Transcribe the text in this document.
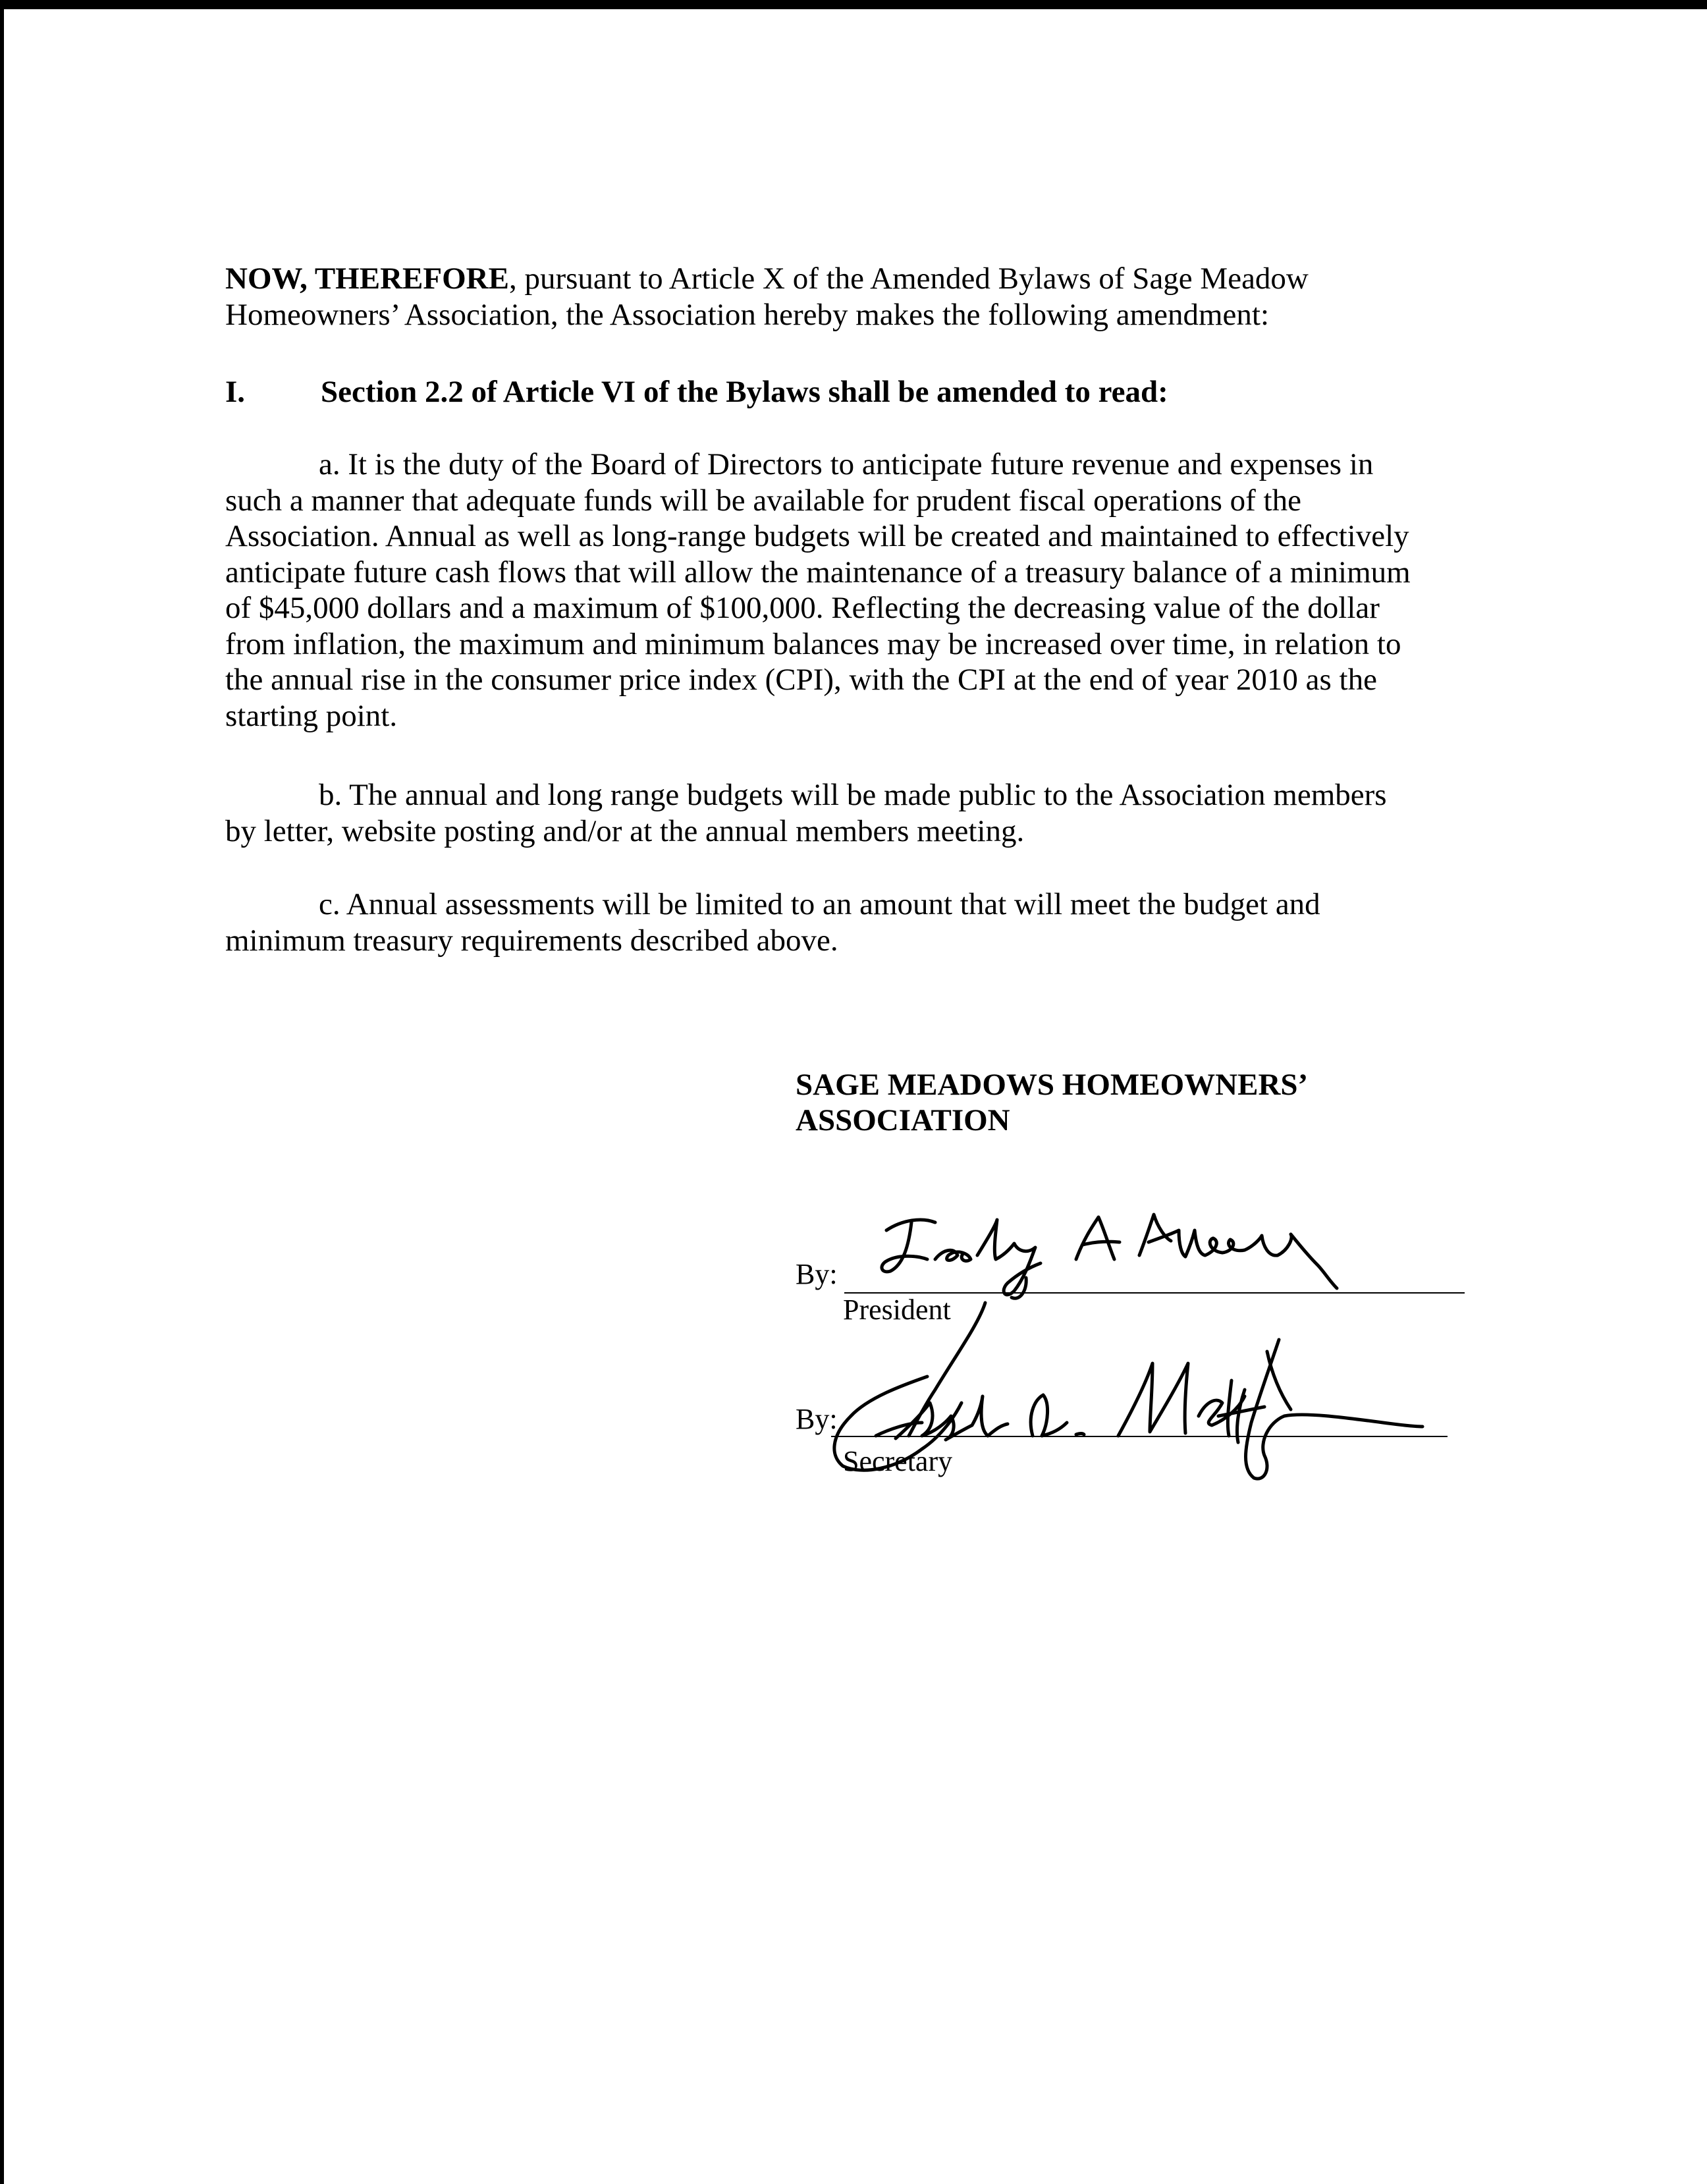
NOW, THEREFORE, pursuant to Article X of the Amended Bylaws of Sage Meadow
Homeowners’ Association, the Association hereby makes the following amendment:
I. Section 2.2 of Article VI of the Bylaws shall be amended to read:
a. It is the duty of the Board of Directors to anticipate future revenue and expenses in
such a manner that adequate funds will be available for prudent fiscal operations of the
Association. Annual as well as long-range budgets will be created and maintained to effectively
anticipate future cash flows that will allow the maintenance of a treasury balance of a minimum
of $45,000 dollars and a maximum of $100,000. Reflecting the decreasing value of the dollar
from inflation, the maximum and minimum balances may be increased over time, in relation to
the annual rise in the consumer price index (CPI), with the CPI at the end of year 2010 as the
starting point.
b. The annual and long range budgets will be made public to the Association members
by letter, website posting and/or at the annual members meeting.
c. Annual assessments will be limited to an amount that will meet the budget and
minimum treasury requirements described above.
SAGE MEADOWS HOMEOWNERS’
ASSOCIATION
By:
President
By:
Secretary
